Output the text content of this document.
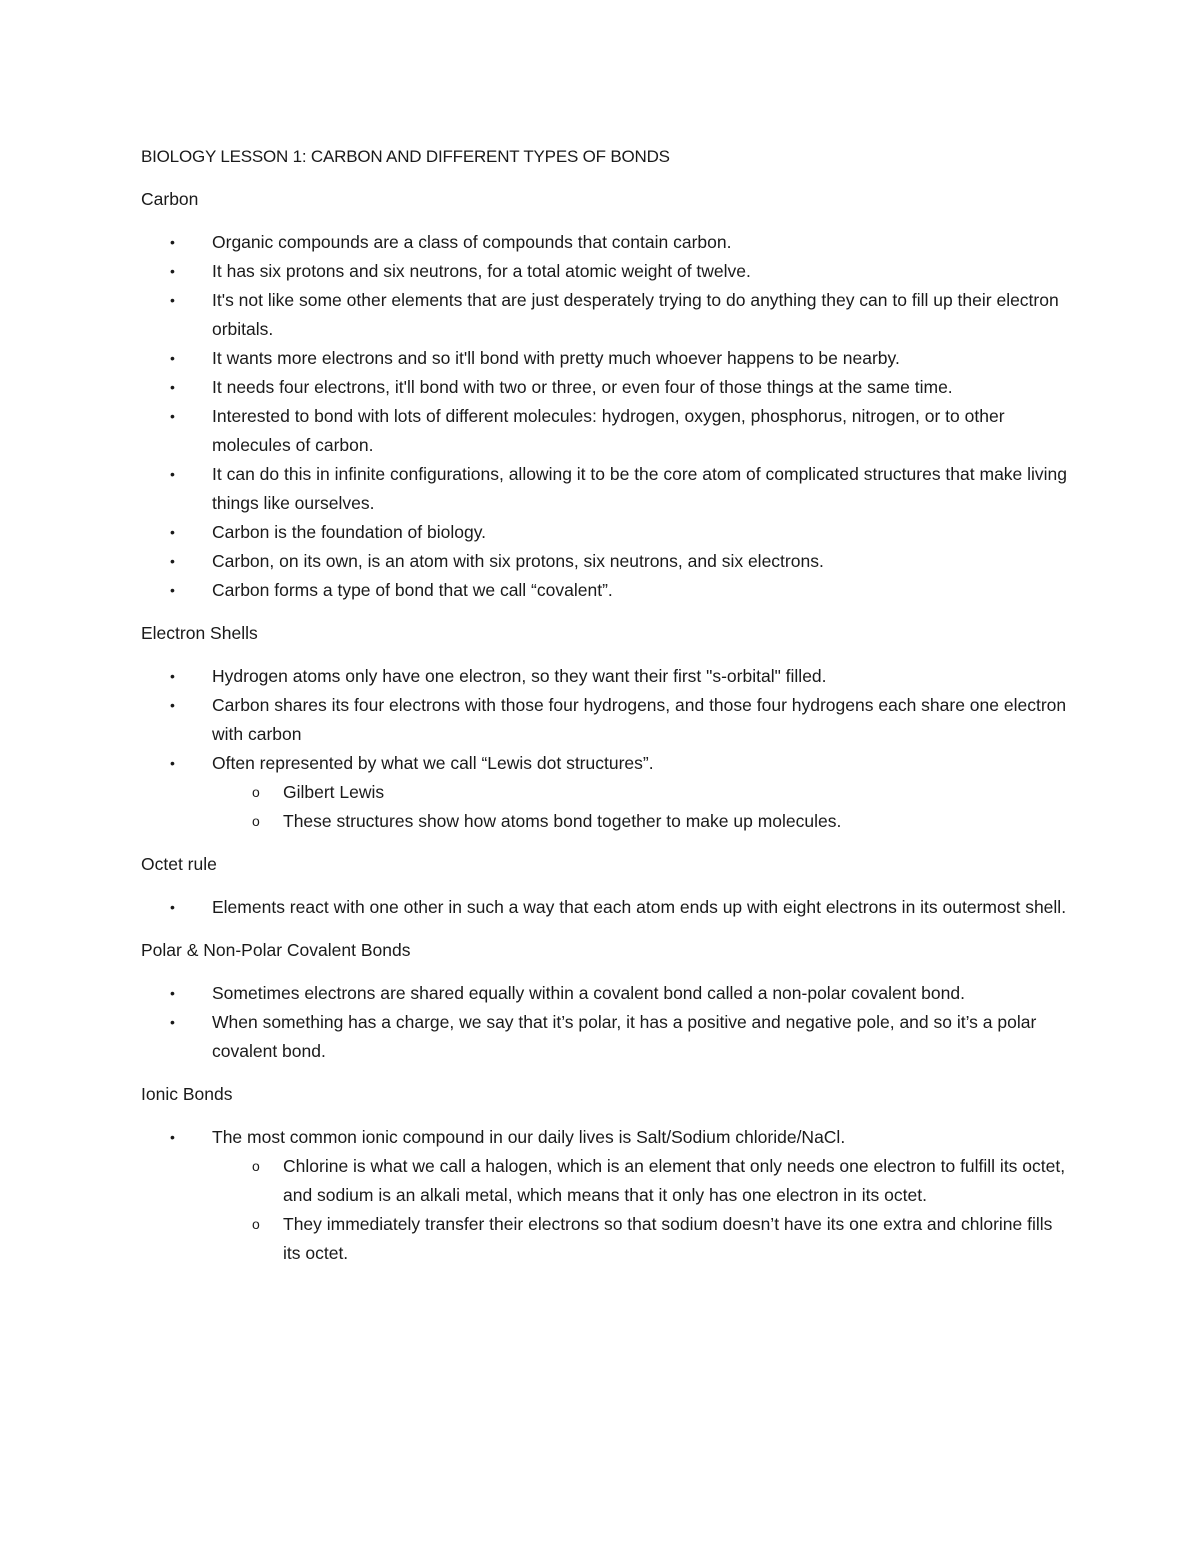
BIOLOGY LESSON 1: CARBON AND DIFFERENT TYPES OF BONDS
Carbon
•	Organic compounds are a class of compounds that contain carbon.
•	It has six protons and six neutrons, for a total atomic weight of twelve.
•	It's not like some other elements that are just desperately trying to do anything they can to fill up their electron orbitals.
•	It wants more electrons and so it'll bond with pretty much whoever happens to be nearby.
•	It needs four electrons, it'll bond with two or three, or even four of those things at the same time.
•	Interested to bond with lots of different molecules: hydrogen, oxygen, phosphorus, nitrogen, or to other molecules of carbon.
•	It can do this in infinite configurations, allowing it to be the core atom of complicated structures that make living things like ourselves.
•	Carbon is the foundation of biology.
•	Carbon, on its own, is an atom with six protons, six neutrons, and six electrons.
•	Carbon forms a type of bond that we call “covalent”.
Electron Shells
•	Hydrogen atoms only have one electron, so they want their first "s-orbital" filled.
•	Carbon shares its four electrons with those four hydrogens, and those four hydrogens each share one electron with carbon
•	Often represented by what we call “Lewis dot structures”.
o	Gilbert Lewis
o	These structures show how atoms bond together to make up molecules.
Octet rule
•	Elements react with one other in such a way that each atom ends up with eight electrons in its outermost shell.
Polar & Non-Polar Covalent Bonds
•	Sometimes electrons are shared equally within a covalent bond called a non-polar covalent bond.
•	When something has a charge, we say that it’s polar, it has a positive and negative pole, and so it’s a polar covalent bond.
Ionic Bonds
•	The most common ionic compound in our daily lives is Salt/Sodium chloride/NaCl.
o	Chlorine is what we call a halogen, which is an element that only needs one electron to fulfill its octet, and sodium is an alkali metal, which means that it only has one electron in its octet.
o	They immediately transfer their electrons so that sodium doesn’t have its one extra and chlorine fills its octet.
